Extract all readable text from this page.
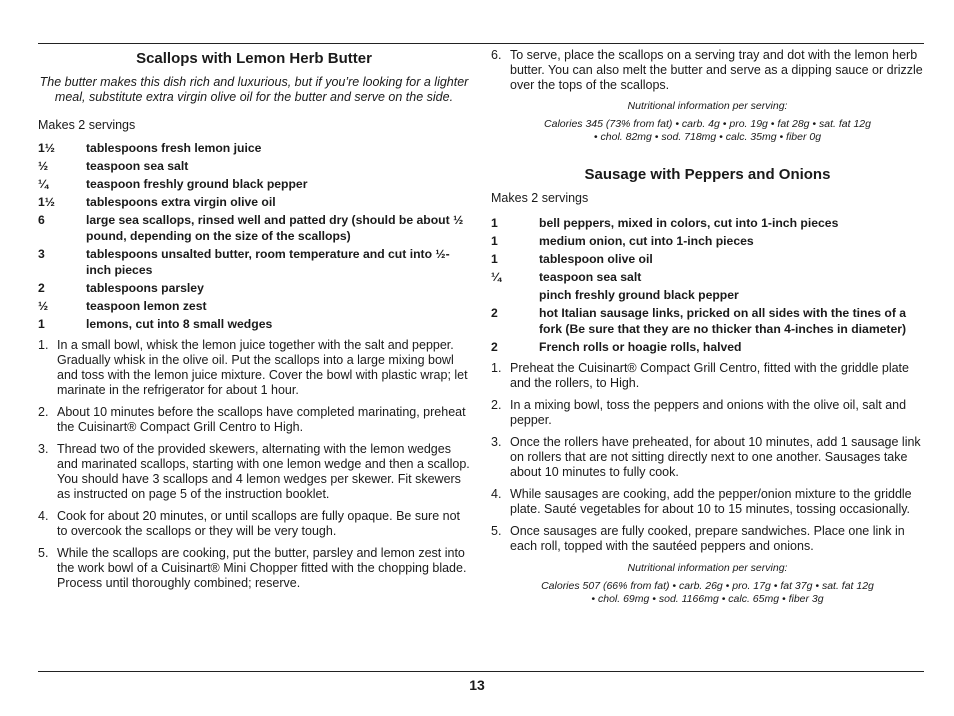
Scallops with Lemon Herb Butter
The butter makes this dish rich and luxurious, but if you’re looking for a lighter meal, substitute extra virgin olive oil for the butter and serve on the side.
Makes 2 servings
1½	tablespoons fresh lemon juice
½	teaspoon sea salt
¼	teaspoon freshly ground black pepper
1½	tablespoons extra virgin olive oil
6	large sea scallops, rinsed well and patted dry (should be about ½ pound, depending on the size of the scallops)
3	tablespoons unsalted butter, room temperature and cut into ½-inch pieces
2	tablespoons parsley
½	teaspoon lemon zest
1	lemons, cut into 8 small wedges
1. In a small bowl, whisk the lemon juice together with the salt and pepper. Gradually whisk in the olive oil. Put the scallops into a large mixing bowl and toss with the lemon juice mixture. Cover the bowl with plastic wrap; let marinate in the refrigerator for about 1 hour.
2. About 10 minutes before the scallops have completed marinating, preheat the Cuisinart® Compact Grill Centro to High.
3. Thread two of the provided skewers, alternating with the lemon wedges and marinated scallops, starting with one lemon wedge and then a scallop. You should have 3 scallops and 4 lemon wedges per skewer. Fit skewers as instructed on page 5 of the instruction booklet.
4. Cook for about 20 minutes, or until scallops are fully opaque. Be sure not to overcook the scallops or they will be very tough.
5. While the scallops are cooking, put the butter, parsley and lemon zest into the work bowl of a Cuisinart® Mini Chopper fitted with the chopping blade. Process until thoroughly combined; reserve.
6. To serve, place the scallops on a serving tray and dot with the lemon herb butter. You can also melt the butter and serve as a dipping sauce or drizzle over the tops of the scallops.
Nutritional information per serving:
Calories 345 (73% from fat) • carb. 4g • pro. 19g • fat 28g • sat. fat 12g
• chol. 82mg • sod. 718mg • calc. 35mg • fiber 0g
Sausage with Peppers and Onions
Makes 2 servings
1	bell peppers, mixed in colors, cut into 1-inch pieces
1	medium onion, cut into 1-inch pieces
1	tablespoon olive oil
¼	teaspoon sea salt
pinch freshly ground black pepper
2	hot Italian sausage links, pricked on all sides with the tines of a fork (Be sure that they are no thicker than 4-inches in diameter)
2	French rolls or hoagie rolls, halved
1. Preheat the Cuisinart® Compact Grill Centro, fitted with the griddle plate and the rollers, to High.
2. In a mixing bowl, toss the peppers and onions with the olive oil, salt and pepper.
3. Once the rollers have preheated, for about 10 minutes, add 1 sausage link on rollers that are not sitting directly next to one another. Sausages take about 10 minutes to fully cook.
4. While sausages are cooking, add the pepper/onion mixture to the griddle plate. Sauté vegetables for about 10 to 15 minutes, tossing occasionally.
5. Once sausages are fully cooked, prepare sandwiches. Place one link in each roll, topped with the sautéed peppers and onions.
Nutritional information per serving:
Calories 507 (66% from fat) • carb. 26g • pro. 17g • fat 37g • sat. fat 12g
• chol. 69mg • sod. 1166mg • calc. 65mg • fiber 3g
13
